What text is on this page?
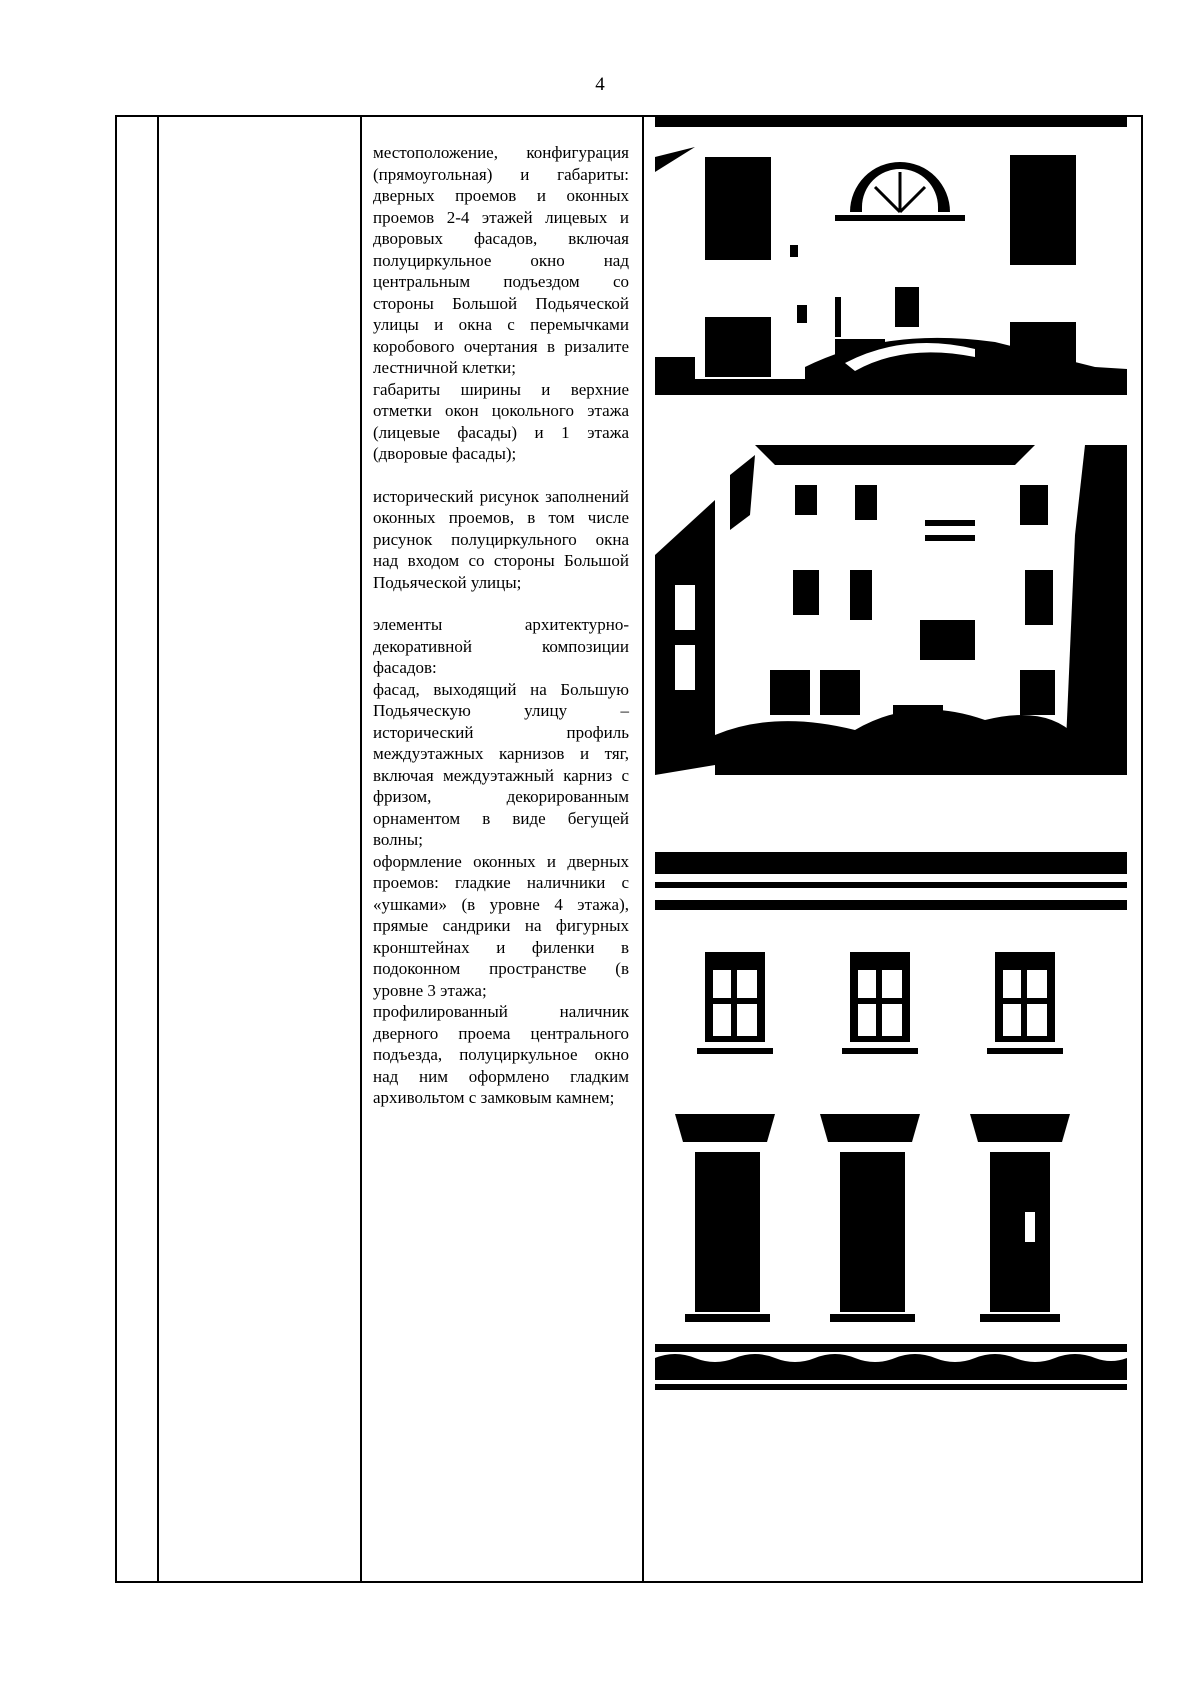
4

местоположение, конфигурация (прямоугольная) и габариты: дверных проемов и оконных проемов 2-4 этажей лицевых и дворовых фасадов, включая полуциркульное окно над центральным подъездом со стороны Большой Подьяческой улицы и окна с перемычками коробового очертания в ризалите лестничной клетки;

габариты ширины и верхние отметки окон цокольного этажа (лицевые фасады) и 1 этажа (дворовые фасады);

исторический рисунок заполнений оконных проемов, в том числе рисунок полуциркульного окна над входом со стороны Большой Подьяческой улицы;

элементы архитектурно-декоративной композиции фасадов:

фасад, выходящий на Большую Подьяческую улицу – исторический профиль междуэтажных карнизов и тяг, включая междуэтажный карниз с фризом, декорированным орнаментом в виде бегущей волны;

оформление оконных и дверных проемов: гладкие наличники с «ушками» (в уровне 4 этажа), прямые сандрики на фигурных кронштейнах и филенки в подоконном пространстве (в уровне 3 этажа;

профилированный наличник дверного проема центрального подъезда, полуциркульное окно над ним оформлено гладким архивольтом с замковым камнем;
